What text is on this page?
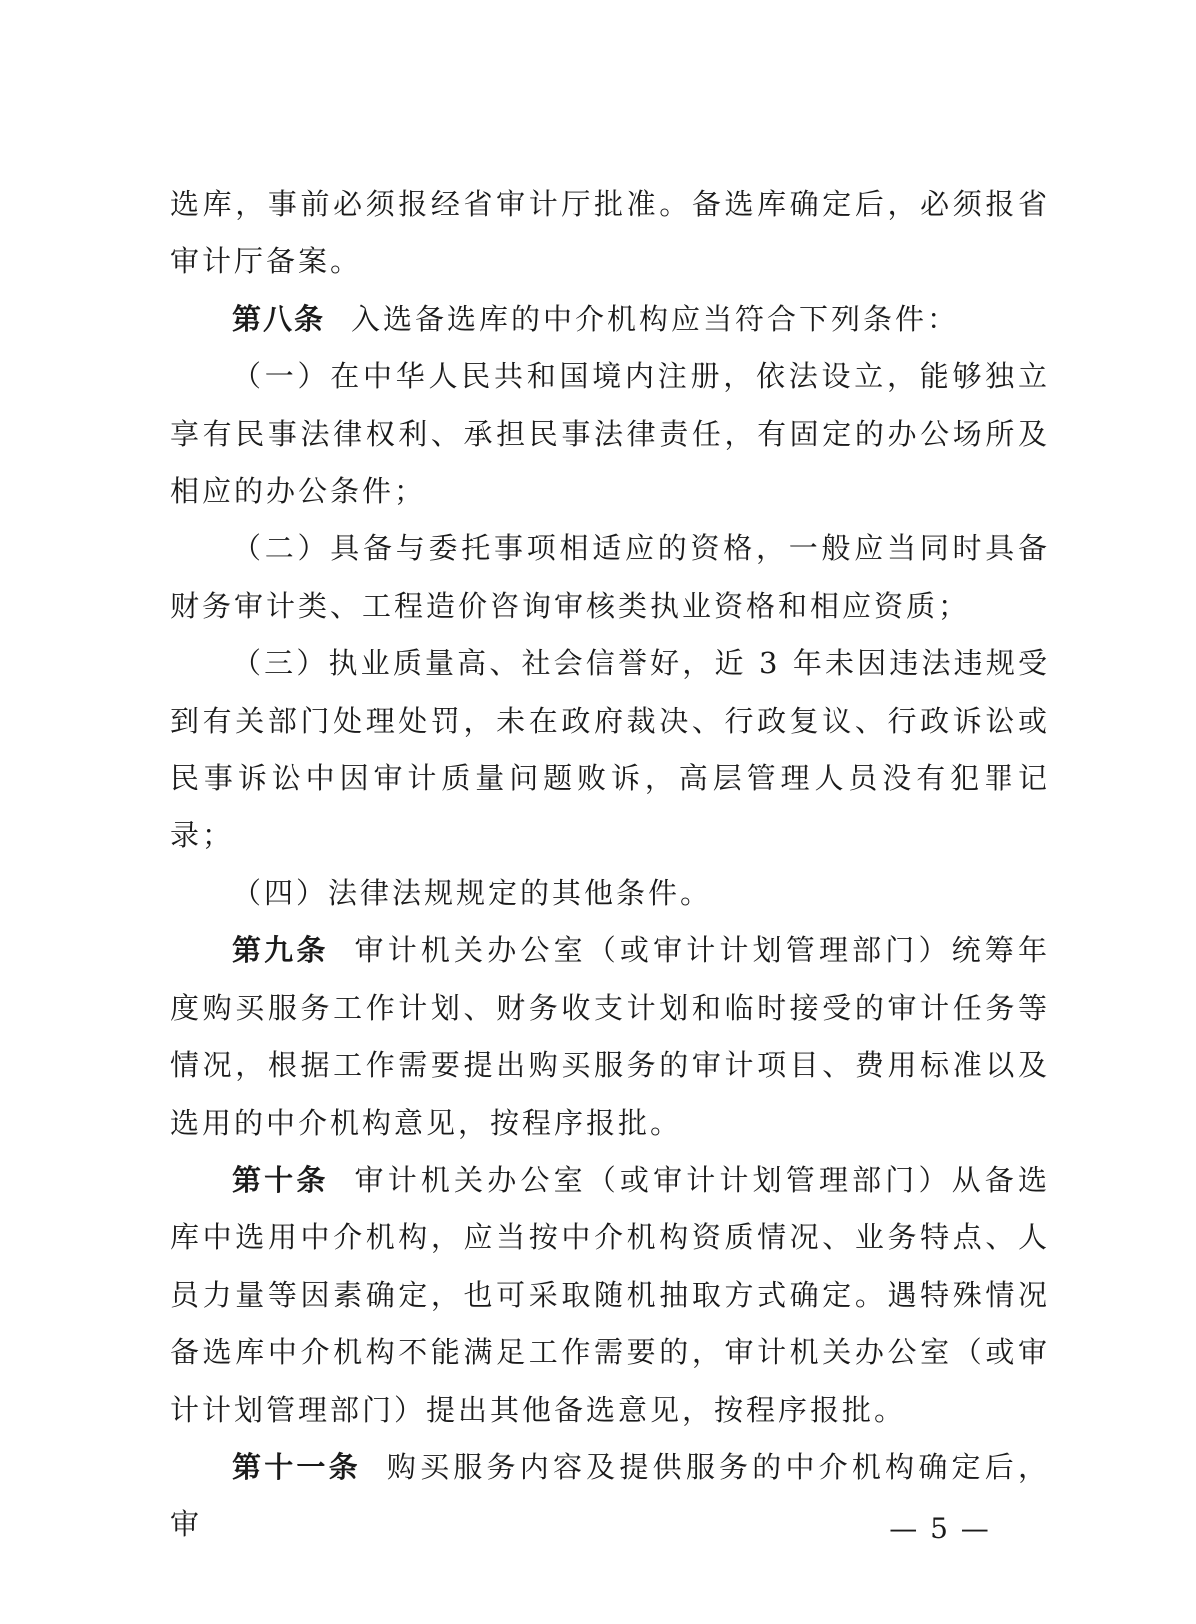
选库，事前必须报经省审计厅批准。备选库确定后，必须报省审计厅备案。

第八条 入选备选库的中介机构应当符合下列条件：

（一）在中华人民共和国境内注册，依法设立，能够独立享有民事法律权利、承担民事法律责任，有固定的办公场所及相应的办公条件；

（二）具备与委托事项相适应的资格，一般应当同时具备财务审计类、工程造价咨询审核类执业资格和相应资质；

（三）执业质量高、社会信誉好，近 3 年未因违法违规受到有关部门处理处罚，未在政府裁决、行政复议、行政诉讼或民事诉讼中因审计质量问题败诉，高层管理人员没有犯罪记录；

（四）法律法规规定的其他条件。

第九条 审计机关办公室（或审计计划管理部门）统筹年度购买服务工作计划、财务收支计划和临时接受的审计任务等情况，根据工作需要提出购买服务的审计项目、费用标准以及选用的中介机构意见，按程序报批。

第十条 审计机关办公室（或审计计划管理部门）从备选库中选用中介机构，应当按中介机构资质情况、业务特点、人员力量等因素确定，也可采取随机抽取方式确定。遇特殊情况备选库中介机构不能满足工作需要的，审计机关办公室（或审计计划管理部门）提出其他备选意见，按程序报批。

第十一条 购买服务内容及提供服务的中介机构确定后，审	— 5 —
